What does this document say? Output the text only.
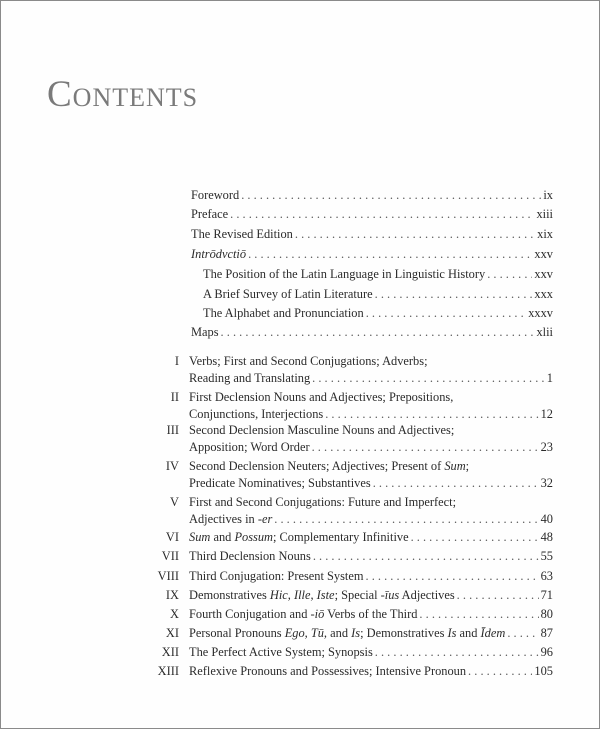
Contents
Foreword . . .	ix
Preface . . .	xiii
The Revised Edition . . .	xix
Intrōdvctiō . . .	xxv
The Position of the Latin Language in Linguistic History . . .	xxv
A Brief Survey of Latin Literature . . .	xxx
The Alphabet and Pronunciation . . .	xxxv
Maps . . .	xlii
I Verbs; First and Second Conjugations; Adverbs;
Reading and Translating . . .	1
II First Declension Nouns and Adjectives; Prepositions,
Conjunctions, Interjections . . .	12
III Second Declension Masculine Nouns and Adjectives;
Apposition; Word Order . . .	23
IV Second Declension Neuters; Adjectives; Present of Sum;
Predicate Nominatives; Substantives . . .	32
V First and Second Conjugations: Future and Imperfect;
Adjectives in -er . . .	40
VI Sum and Possum; Complementary Infinitive . . .	48
VII Third Declension Nouns . . .	55
VIII Third Conjugation: Present System . . .	63
IX Demonstratives Hic, Ille, Iste; Special -īus Adjectives . . .	71
X Fourth Conjugation and -iō Verbs of the Third . . .	80
XI Personal Pronouns Ego, Tū, and Is; Demonstratives Is and Īdem . . .	87
XII The Perfect Active System; Synopsis . . .	96
XIII Reflexive Pronouns and Possessives; Intensive Pronoun . . .	105
